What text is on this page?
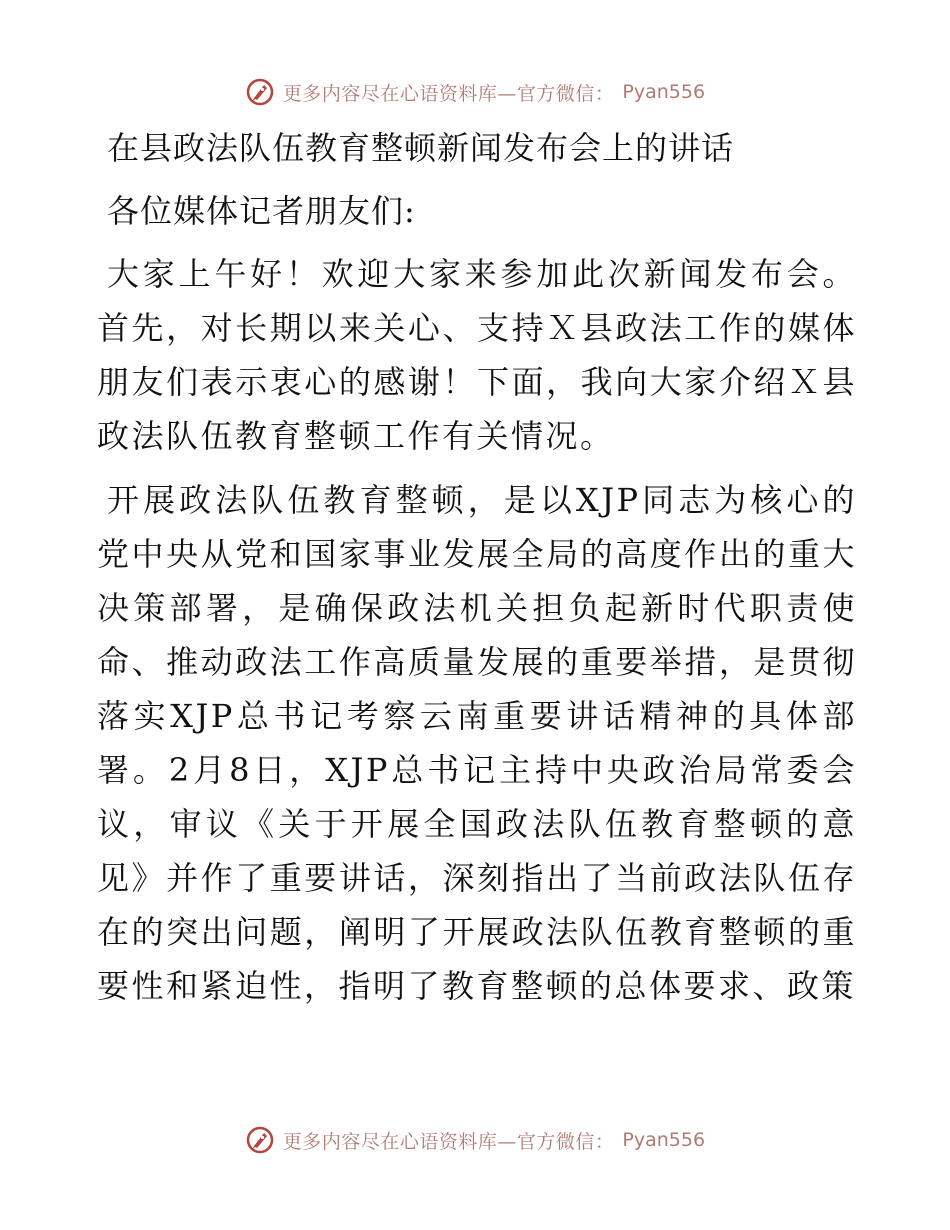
更多内容尽在心语资料库—官方微信： Pyan556
在县政法队伍教育整顿新闻发布会上的讲话
各位媒体记者朋友们:

大家上午好！欢迎大家来参加此次新闻发布会。首先，对长期以来关心、支持Ｘ县政法工作的媒体朋友们表示衷心的感谢！下面，我向大家介绍Ｘ县政法队伍教育整顿工作有关情况。

开展政法队伍教育整顿，是以XJP同志为核心的党中央从党和国家事业发展全局的高度作出的重大决策部署，是确保政法机关担负起新时代职责使命、推动政法工作高质量发展的重要举措，是贯彻落实XJP总书记考察云南重要讲话精神的具体部署。2月8日，XJP总书记主持中央政治局常委会议，审议《关于开展全国政法队伍教育整顿的意见》并作了重要讲话，深刻指出了当前政法队伍存在的突出问题，阐明了开展政法队伍教育整顿的重要性和紧迫性，指明了教育整顿的总体要求、政策

更多内容尽在心语资料库—官方微信： Pyan556
